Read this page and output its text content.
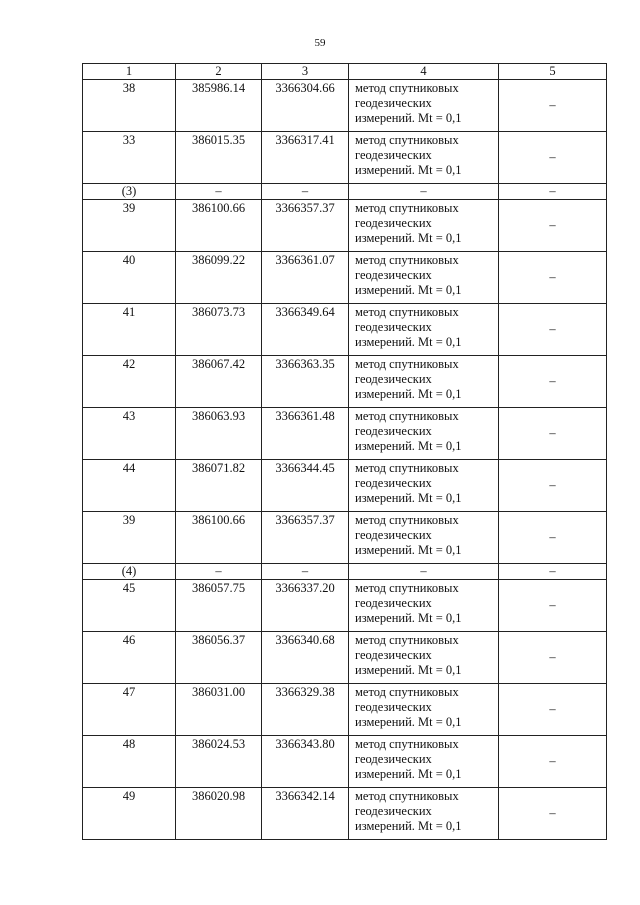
59
1	2	3	4	5
38	385986.14	3366304.66	метод спутниковых
геодезических
измерений. Mt = 0,1	–
33	386015.35	3366317.41	метод спутниковых
геодезических
измерений. Mt = 0,1	–
(3)	–	–	–	–
39	386100.66	3366357.37	метод спутниковых
геодезических
измерений. Mt = 0,1	–
40	386099.22	3366361.07	метод спутниковых
геодезических
измерений. Mt = 0,1	–
41	386073.73	3366349.64	метод спутниковых
геодезических
измерений. Mt = 0,1	–
42	386067.42	3366363.35	метод спутниковых
геодезических
измерений. Mt = 0,1	–
43	386063.93	3366361.48	метод спутниковых
геодезических
измерений. Mt = 0,1	–
44	386071.82	3366344.45	метод спутниковых
геодезических
измерений. Mt = 0,1	–
39	386100.66	3366357.37	метод спутниковых
геодезических
измерений. Mt = 0,1	–
(4)	–	–	–	–
45	386057.75	3366337.20	метод спутниковых
геодезических
измерений. Mt = 0,1	–
46	386056.37	3366340.68	метод спутниковых
геодезических
измерений. Mt = 0,1	–
47	386031.00	3366329.38	метод спутниковых
геодезических
измерений. Mt = 0,1	–
48	386024.53	3366343.80	метод спутниковых
геодезических
измерений. Mt = 0,1	–
49	386020.98	3366342.14	метод спутниковых
геодезических
измерений. Mt = 0,1	–
